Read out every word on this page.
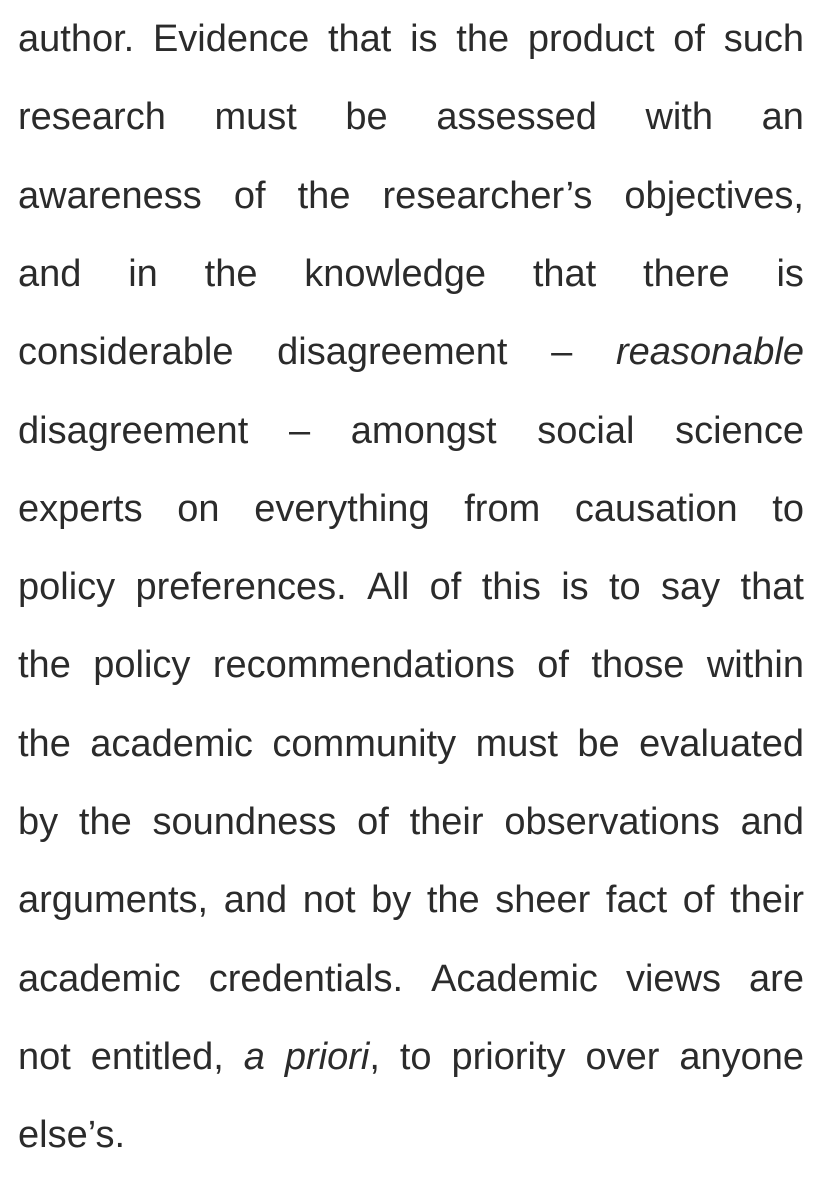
author. Evidence that is the product of such
research must be assessed with an
awareness of the researcher’s objectives,
and in the knowledge that there is
considerable disagreement – reasonable
disagreement – amongst social science
experts on everything from causation to
policy preferences. All of this is to say that
the policy recommendations of those within
the academic community must be evaluated
by the soundness of their observations and
arguments, and not by the sheer fact of their
academic credentials. Academic views are
not entitled, a priori, to priority over anyone
else’s.
